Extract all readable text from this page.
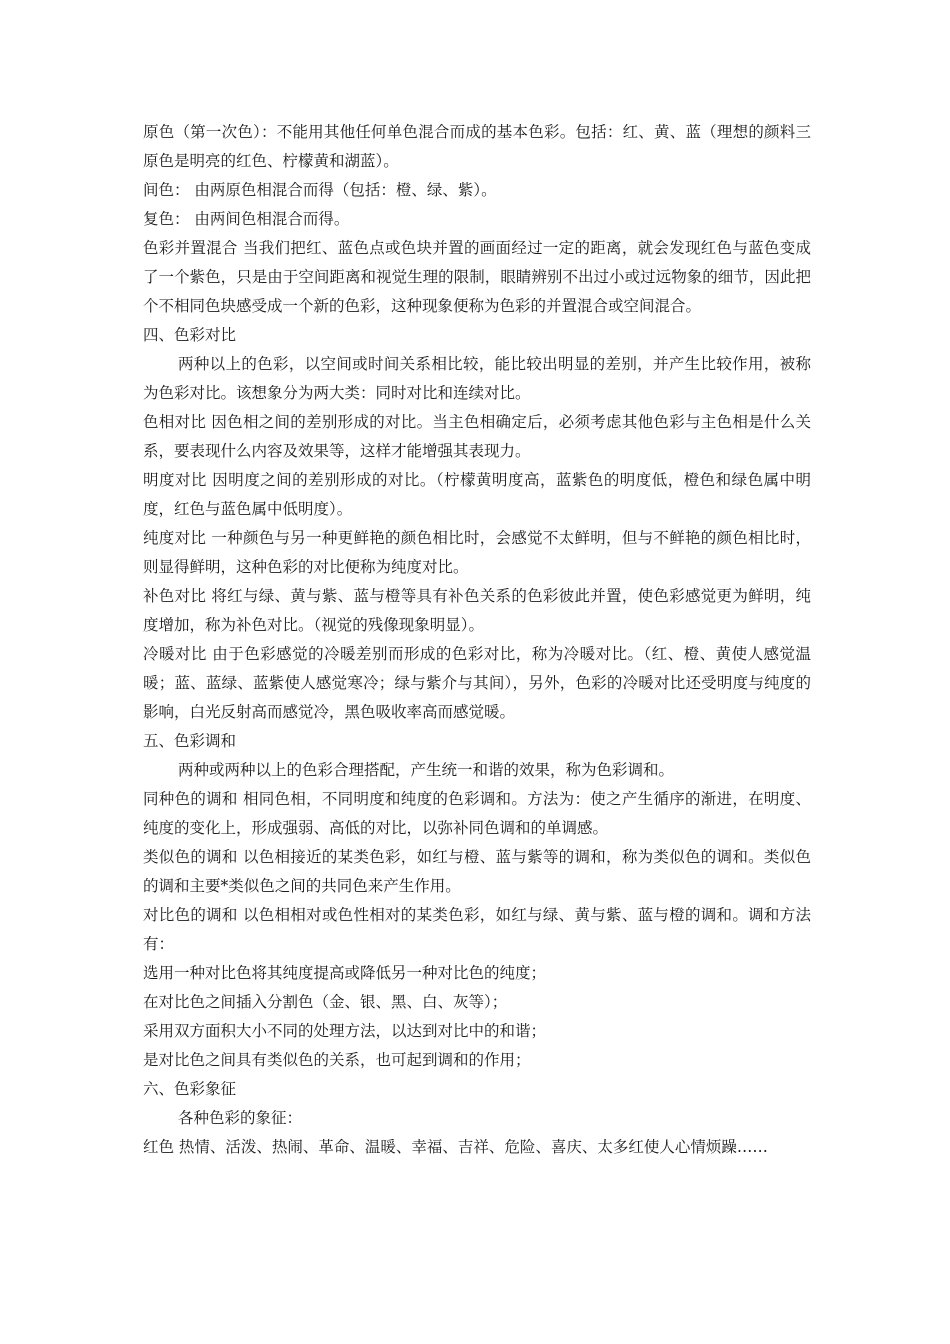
原色（第一次色）：不能用其他任何单色混合而成的基本色彩。包括：红、黄、蓝（理想的颜料三原色是明亮的红色、柠檬黄和湖蓝）。

间色： 由两原色相混合而得（包括：橙、绿、紫）。

复色： 由两间色相混合而得。

色彩并置混合 当我们把红、蓝色点或色块并置的画面经过一定的距离，就会发现红色与蓝色变成了一个紫色，只是由于空间距离和视觉生理的限制，眼睛辨别不出过小或过远物象的细节，因此把个不相同色块感受成一个新的色彩，这种现象便称为色彩的并置混合或空间混合。

四、色彩对比

两种以上的色彩，以空间或时间关系相比较，能比较出明显的差别，并产生比较作用，被称为色彩对比。该想象分为两大类：同时对比和连续对比。

色相对比 因色相之间的差别形成的对比。当主色相确定后，必须考虑其他色彩与主色相是什么关系，要表现什么内容及效果等，这样才能增强其表现力。

明度对比 因明度之间的差别形成的对比。（柠檬黄明度高，蓝紫色的明度低，橙色和绿色属中明度，红色与蓝色属中低明度）。

纯度对比 一种颜色与另一种更鲜艳的颜色相比时，会感觉不太鲜明，但与不鲜艳的颜色相比时，则显得鲜明，这种色彩的对比便称为纯度对比。

补色对比 将红与绿、黄与紫、蓝与橙等具有补色关系的色彩彼此并置，使色彩感觉更为鲜明，纯度增加，称为补色对比。（视觉的残像现象明显）。

冷暖对比 由于色彩感觉的冷暖差别而形成的色彩对比，称为冷暖对比。（红、橙、黄使人感觉温暖；蓝、蓝绿、蓝紫使人感觉寒冷；绿与紫介与其间），另外，色彩的冷暖对比还受明度与纯度的影响，白光反射高而感觉冷，黑色吸收率高而感觉暖。

五、色彩调和

两种或两种以上的色彩合理搭配，产生统一和谐的效果，称为色彩调和。

同种色的调和 相同色相，不同明度和纯度的色彩调和。方法为：使之产生循序的渐进，在明度、纯度的变化上，形成强弱、高低的对比，以弥补同色调和的单调感。

类似色的调和 以色相接近的某类色彩，如红与橙、蓝与紫等的调和，称为类似色的调和。类似色的调和主要*类似色之间的共同色来产生作用。

对比色的调和 以色相相对或色性相对的某类色彩，如红与绿、黄与紫、蓝与橙的调和。调和方法有：

选用一种对比色将其纯度提高或降低另一种对比色的纯度；

在对比色之间插入分割色（金、银、黑、白、灰等）；

采用双方面积大小不同的处理方法，以达到对比中的和谐；

是对比色之间具有类似色的关系，也可起到调和的作用；

六、色彩象征

各种色彩的象征：

红色 热情、活泼、热闹、革命、温暖、幸福、吉祥、危险、喜庆、太多红使人心情烦躁……
